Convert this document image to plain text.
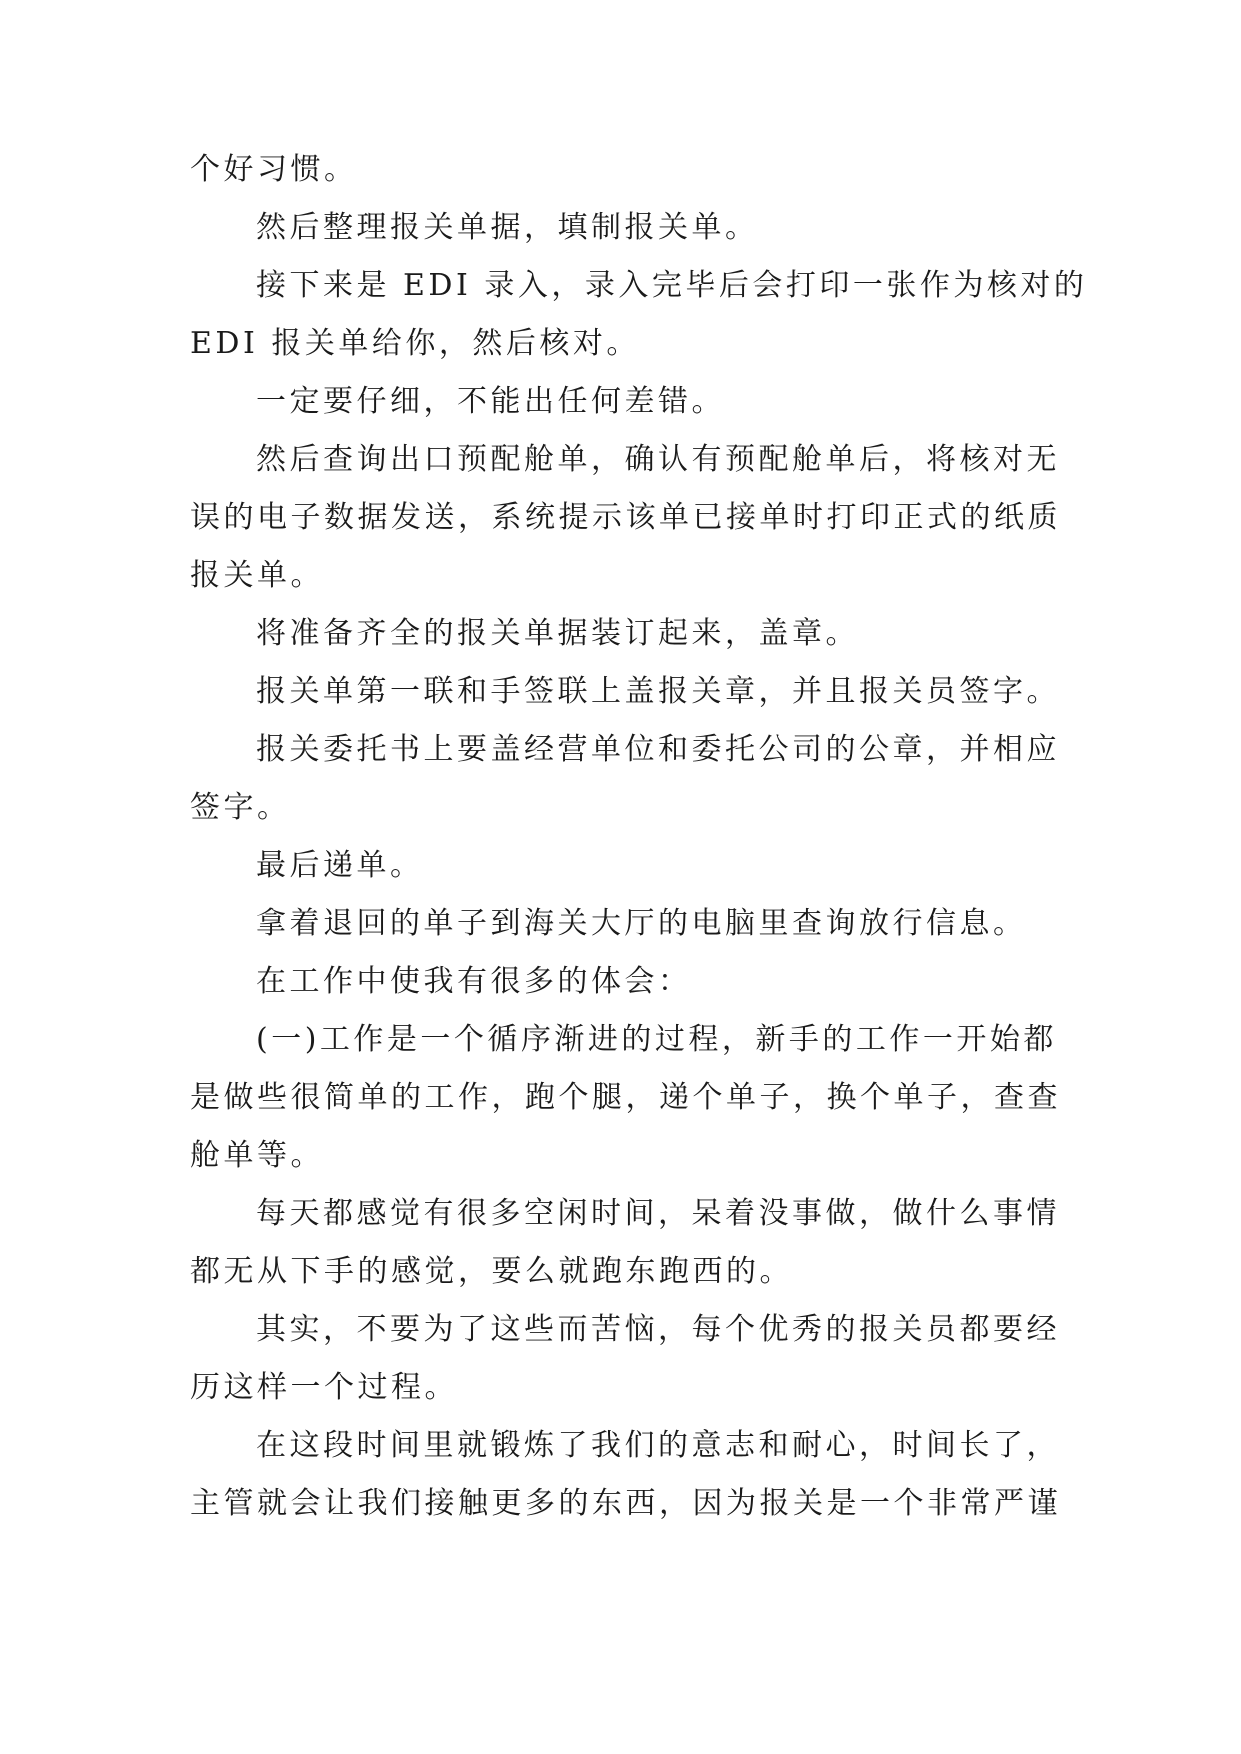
个好习惯。
然后整理报关单据，填制报关单。
接下来是 EDI 录入，录入完毕后会打印一张作为核对的
EDI 报关单给你，然后核对。
一定要仔细，不能出任何差错。
然后查询出口预配舱单，确认有预配舱单后，将核对无
误的电子数据发送，系统提示该单已接单时打印正式的纸质
报关单。
将准备齐全的报关单据装订起来，盖章。
报关单第一联和手签联上盖报关章，并且报关员签字。
报关委托书上要盖经营单位和委托公司的公章，并相应
签字。
最后递单。
拿着退回的单子到海关大厅的电脑里查询放行信息。
在工作中使我有很多的体会：
(一)工作是一个循序渐进的过程，新手的工作一开始都
是做些很简单的工作，跑个腿，递个单子，换个单子，查查
舱单等。
每天都感觉有很多空闲时间，呆着没事做，做什么事情
都无从下手的感觉，要么就跑东跑西的。
其实，不要为了这些而苦恼，每个优秀的报关员都要经
历这样一个过程。
在这段时间里就锻炼了我们的意志和耐心，时间长了，
主管就会让我们接触更多的东西，因为报关是一个非常严谨
